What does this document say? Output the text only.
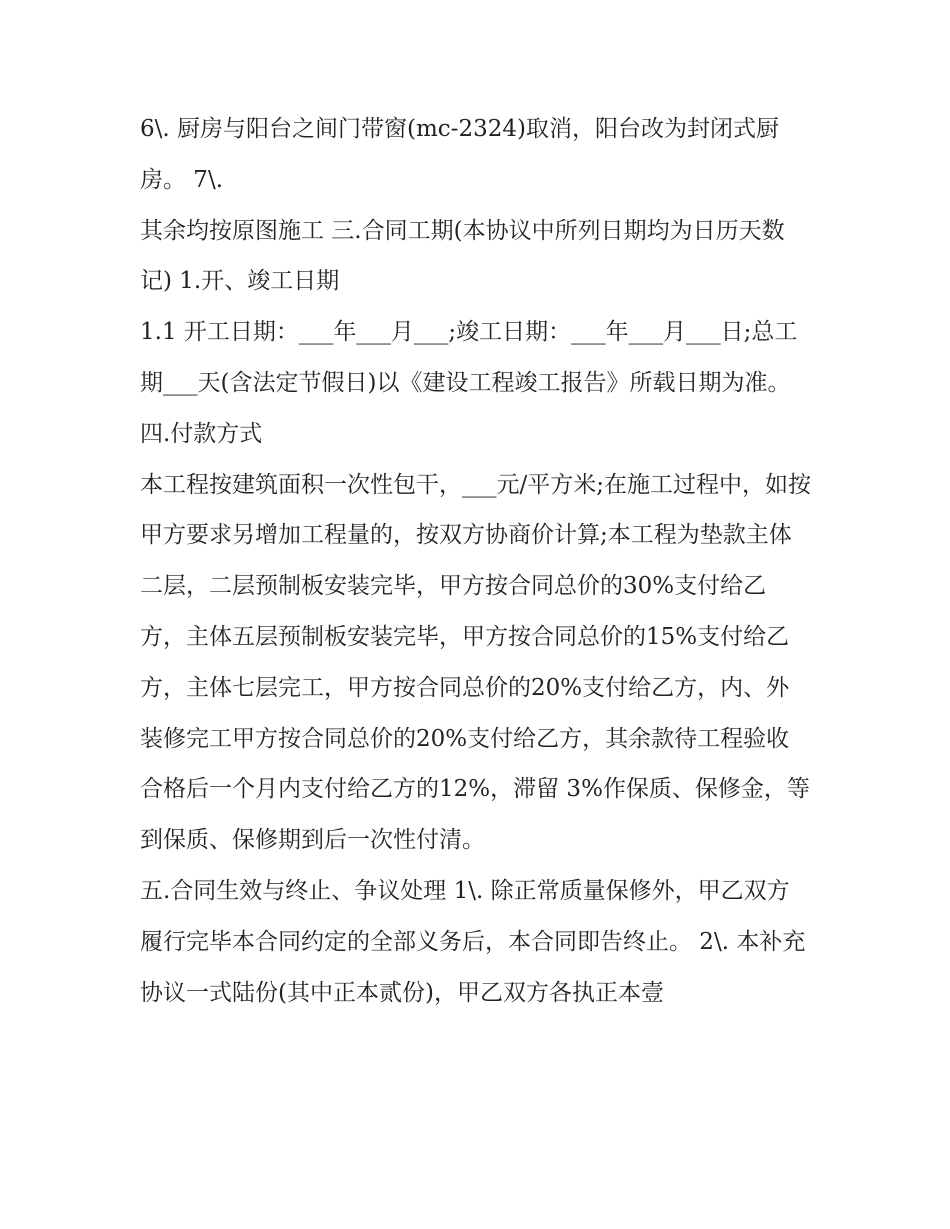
6\. 厨房与阳台之间门带窗(mc-2324)取消，阳台改为封闭式厨房。 7\.

其余均按原图施工 三.合同工期(本协议中所列日期均为日历天数记) 1.开、竣工日期

1.1 开工日期：___年___月___;竣工日期：___年___月___日;总工期___天(含法定节假日)以《建设工程竣工报告》所载日期为准。

四.付款方式

本工程按建筑面积一次性包干，___元/平方米;在施工过程中，如按甲方要求另增加工程量的，按双方协商价计算;本工程为垫款主体二层，二层预制板安装完毕，甲方按合同总价的30%支付给乙方，主体五层预制板安装完毕，甲方按合同总价的15%支付给乙方，主体七层完工，甲方按合同总价的20%支付给乙方，内、外装修完工甲方按合同总价的20%支付给乙方，其余款待工程验收合格后一个月内支付给乙方的12%，滞留 3%作保质、保修金，等到保质、保修期到后一次性付清。

五.合同生效与终止、争议处理 1\. 除正常质量保修外，甲乙双方履行完毕本合同约定的全部义务后，本合同即告终止。 2\. 本补充协议一式陆份(其中正本贰份)，甲乙双方各执正本壹
